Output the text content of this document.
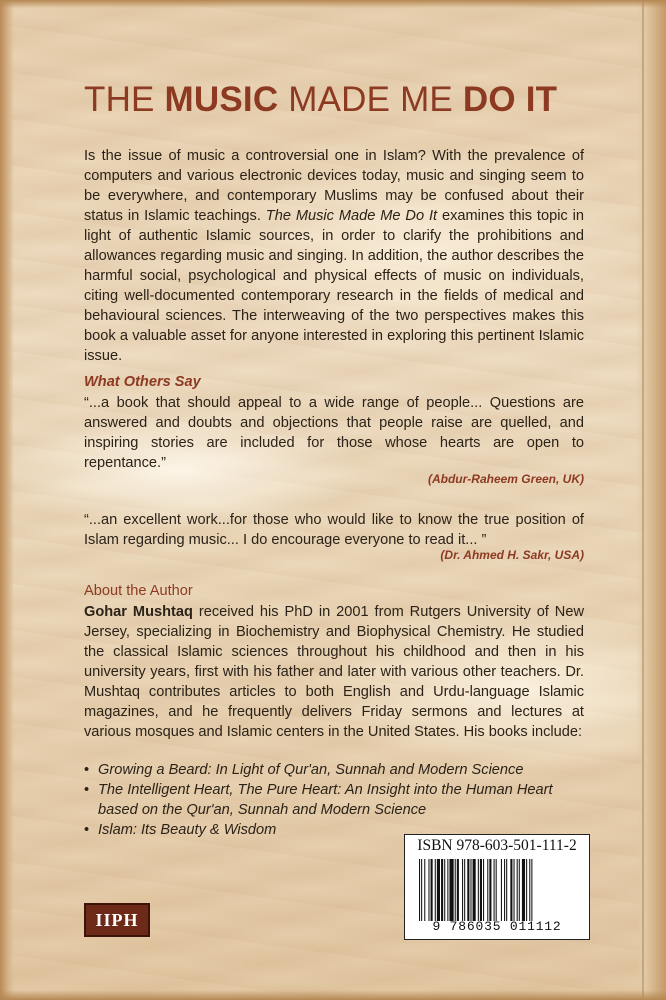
THE MUSIC MADE ME DO IT

Is the issue of music a controversial one in Islam? With the prevalence of computers and various electronic devices today, music and singing seem to be everywhere, and contemporary Muslims may be confused about their status in Islamic teachings. The Music Made Me Do It examines this topic in light of authentic Islamic sources, in order to clarify the prohibitions and allowances regarding music and singing. In addition, the author describes the harmful social, psychological and physical effects of music on individuals, citing well-documented contemporary research in the fields of medical and behavioural sciences. The interweaving of the two perspectives makes this book a valuable asset for anyone interested in exploring this pertinent Islamic issue.

What Others Say

“...a book that should appeal to a wide range of people... Questions are answered and doubts and objections that people raise are quelled, and inspiring stories are included for those whose hearts are open to repentance.”

(Abdur-Raheem Green, UK)

“...an excellent work...for those who would like to know the true position of Islam regarding music... I do encourage everyone to read it... ”

(Dr. Ahmed H. Sakr, USA)
About the Author

Gohar Mushtaq received his PhD in 2001 from Rutgers University of New Jersey, specializing in Biochemistry and Biophysical Chemistry. He studied the classical Islamic sciences throughout his childhood and then in his university years, first with his father and later with various other teachers. Dr. Mushtaq contributes articles to both English and Urdu-language Islamic magazines, and he frequently delivers Friday sermons and lectures at various mosques and Islamic centers in the United States. His books include:

• Growing a Beard: In Light of Qur'an, Sunnah and Modern Science
• The Intelligent Heart, The Pure Heart: An Insight into the Human Heart based on the Qur'an, Sunnah and Modern Science
• Islam: Its Beauty & Wisdom
ISBN 978-603-501-111-2
9 786035 011112
IIPH
